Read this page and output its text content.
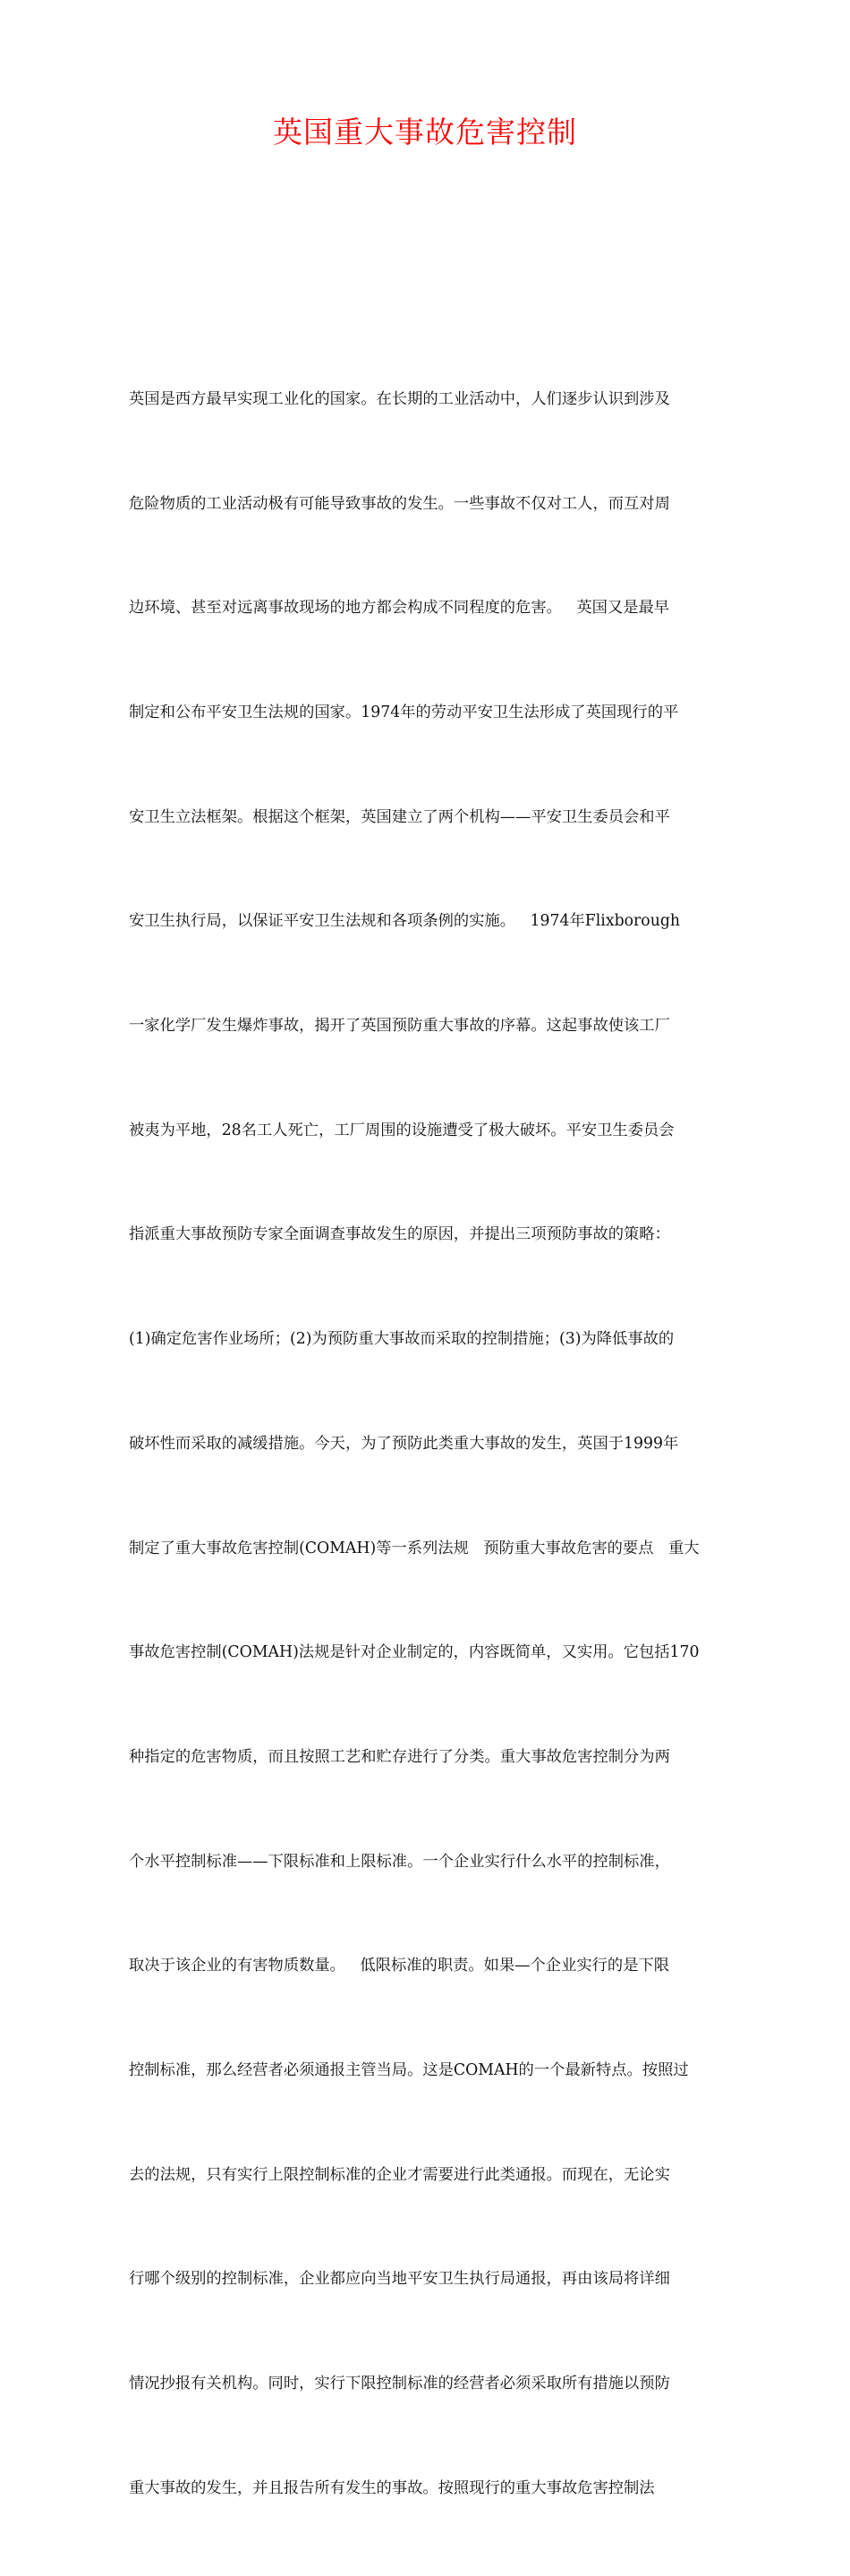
英国重大事故危害控制

英国是西方最早实现工业化的国家。在长期的工业活动中，人们逐步认识到涉及

危险物质的工业活动极有可能导致事故的发生。一些事故不仅对工人，而互对周

边环境、甚至对远离事故现场的地方都会构成不同程度的危害。   英国又是最早

制定和公布平安卫生法规的国家。1974年的劳动平安卫生法形成了英国现行的平

安卫生立法框架。根据这个框架，英国建立了两个机构——平安卫生委员会和平

安卫生执行局，以保证平安卫生法规和各项条例的实施。   1974年Flixborough

一家化学厂发生爆炸事故，揭开了英国预防重大事故的序幕。这起事故使该工厂

被夷为平地，28名工人死亡，工厂周围的设施遭受了极大破坏。平安卫生委员会

指派重大事故预防专家全面调查事故发生的原因，并提出三项预防事故的策略：

(1)确定危害作业场所；(2)为预防重大事故而采取的控制措施；(3)为降低事故的

破坏性而采取的减缓措施。今天，为了预防此类重大事故的发生，英国于1999年

制定了重大事故危害控制(COMAH)等一系列法规   预防重大事故危害的要点   重大

事故危害控制(COMAH)法规是针对企业制定的，内容既简单，又实用。它包括170

种指定的危害物质，而且按照工艺和贮存进行了分类。重大事故危害控制分为两

个水平控制标准——下限标准和上限标准。一个企业实行什么水平的控制标准，

取决于该企业的有害物质数量。   低限标准的职责。如果—个企业实行的是下限

控制标准，那么经营者必须通报主管当局。这是COMAH的一个最新特点。按照过

去的法规，只有实行上限控制标准的企业才需要进行此类通报。而现在，无论实

行哪个级别的控制标准，企业都应向当地平安卫生执行局通报，再由该局将详细

情况抄报有关机构。同时，实行下限控制标准的经营者必须采取所有措施以预防

重大事故的发生，并且报告所有发生的事故。按照现行的重大事故危害控制法
